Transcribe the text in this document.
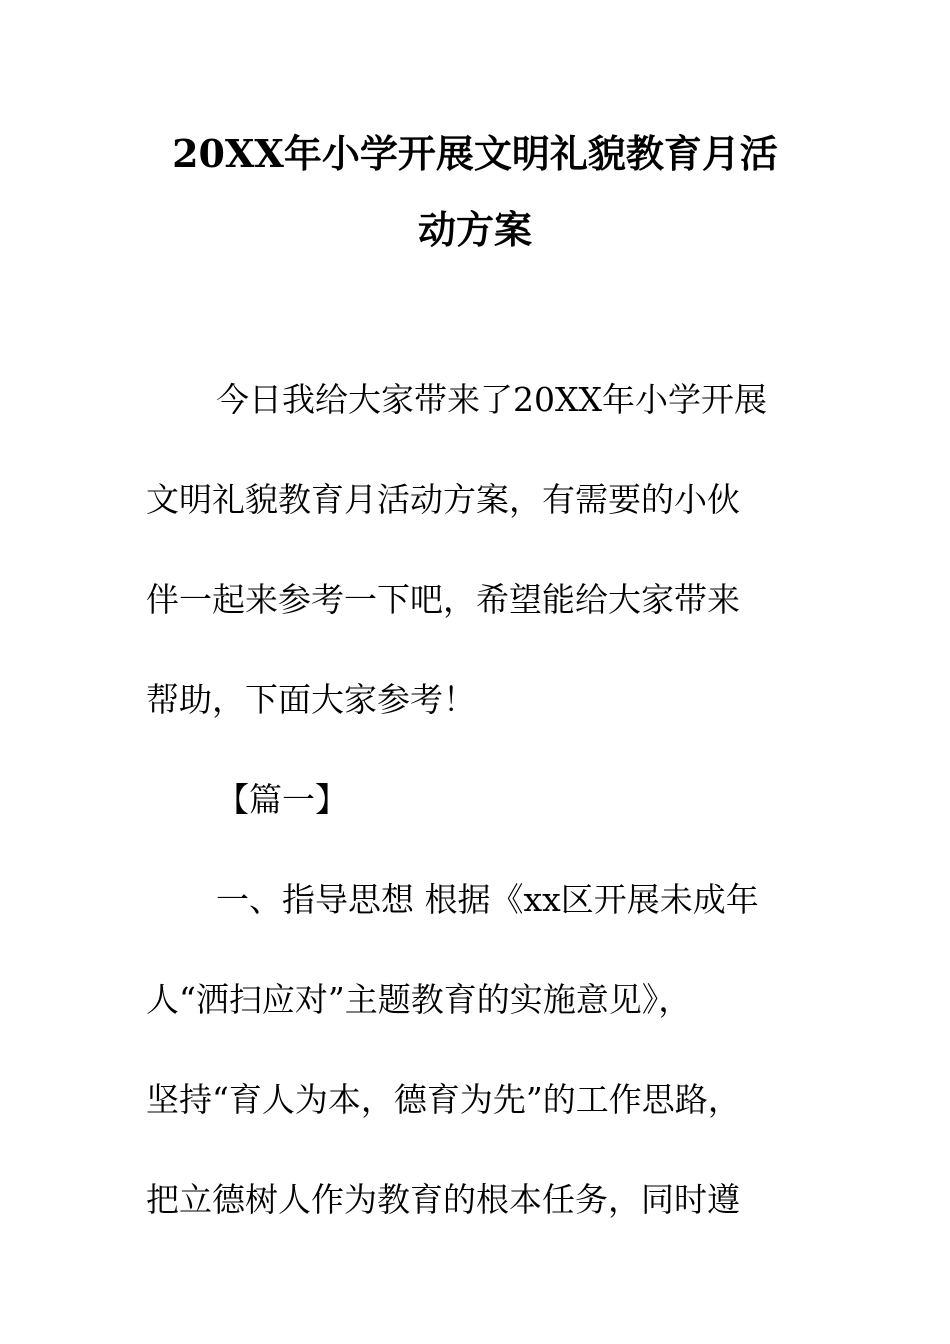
20XX年小学开展文明礼貌教育月活
动方案
今日我给大家带来了20XX年小学开展
文明礼貌教育月活动方案，有需要的小伙
伴一起来参考一下吧，希望能给大家带来
帮助，下面大家参考！
【篇一】
一、指导思想 根据《xx区开展未成年
人“洒扫应对”主题教育的实施意见》，
坚持“育人为本，德育为先”的工作思路，
把立德树人作为教育的根本任务，同时遵
